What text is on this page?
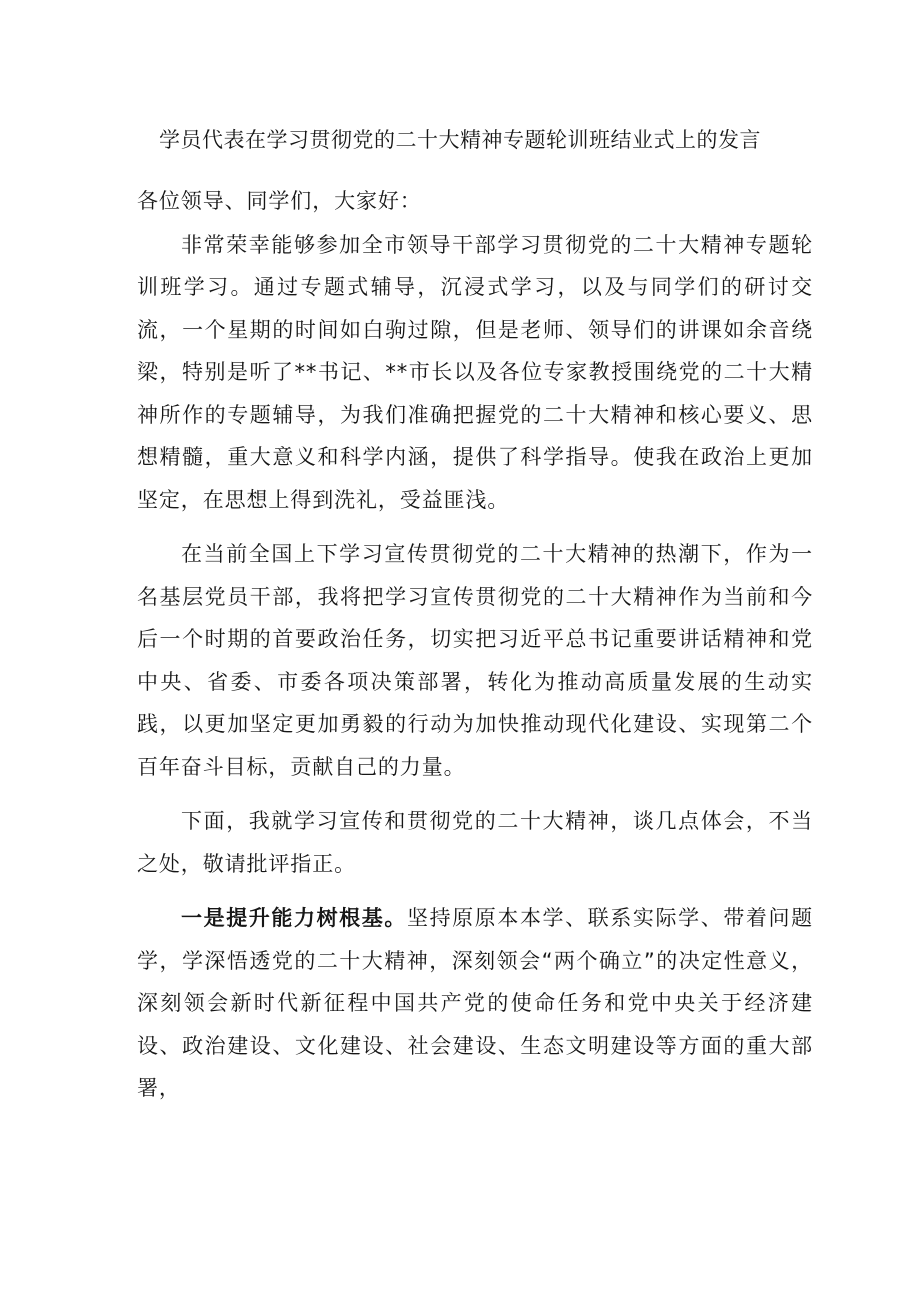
学员代表在学习贯彻党的二十大精神专题轮训班结业式上的发言

各位领导、同学们，大家好：

非常荣幸能够参加全市领导干部学习贯彻党的二十大精神专题轮训班学习。通过专题式辅导，沉浸式学习，以及与同学们的研讨交流，一个星期的时间如白驹过隙，但是老师、领导们的讲课如余音绕梁，特别是听了**书记、**市长以及各位专家教授围绕党的二十大精神所作的专题辅导，为我们准确把握党的二十大精神和核心要义、思想精髓，重大意义和科学内涵，提供了科学指导。使我在政治上更加坚定，在思想上得到洗礼，受益匪浅。

在当前全国上下学习宣传贯彻党的二十大精神的热潮下，作为一名基层党员干部，我将把学习宣传贯彻党的二十大精神作为当前和今后一个时期的首要政治任务，切实把习近平总书记重要讲话精神和党中央、省委、市委各项决策部署，转化为推动高质量发展的生动实践，以更加坚定更加勇毅的行动为加快推动现代化建设、实现第二个百年奋斗目标，贡献自己的力量。

下面，我就学习宣传和贯彻党的二十大精神，谈几点体会，不当之处，敬请批评指正。

一是提升能力树根基。坚持原原本本学、联系实际学、带着问题学，学深悟透党的二十大精神，深刻领会“两个确立”的决定性意义，深刻领会新时代新征程中国共产党的使命任务和党中央关于经济建设、政治建设、文化建设、社会建设、生态文明建设等方面的重大部署，
